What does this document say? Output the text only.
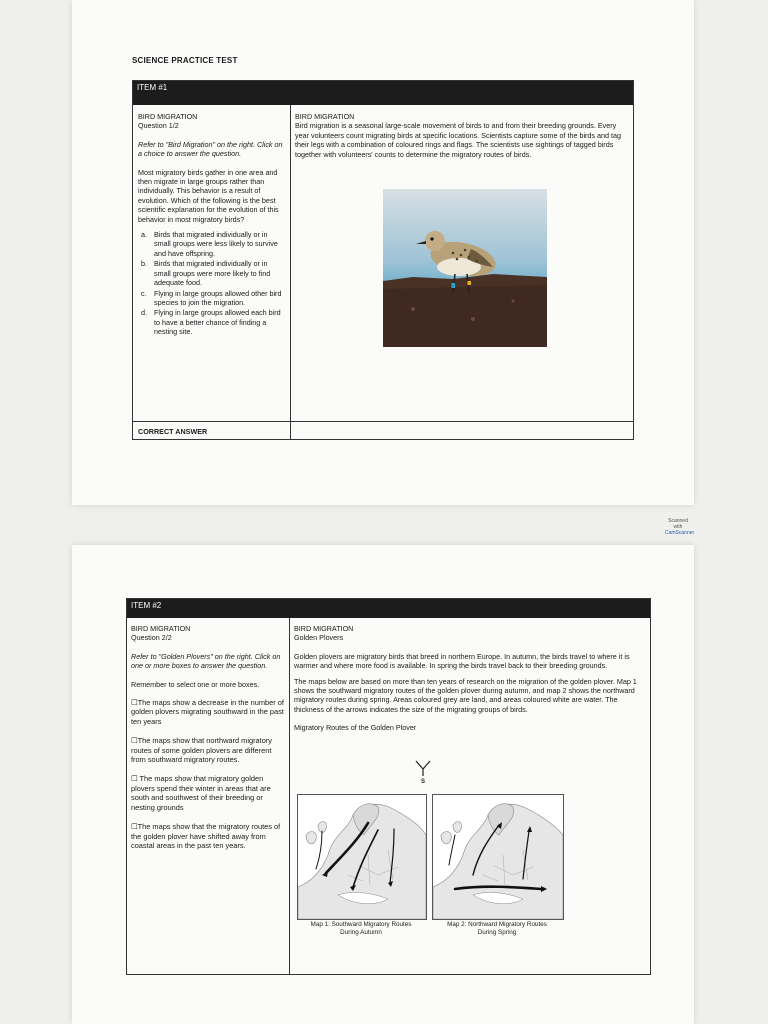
SCIENCE PRACTICE TEST
ITEM #1

BIRD MIGRATION

Question 1/2

Refer to "Bird Migration" on the right. Click on a choice to answer the question.

Most migratory birds gather in one area and then migrate in large groups rather than individually. This behavior is a result of evolution. Which of the following is the best scientific explanation for the evolution of this behavior in most migratory birds?

a. Birds that migrated individually or in small groups were less likely to survive and have offspring.
b. Birds that migrated individually or in small groups were more likely to find adequate food.
c. Flying in large groups allowed other bird species to join the migration.
d. Flying in large groups allowed each bird to have a better chance of finding a nesting site.
CORRECT ANSWER

BIRD MIGRATION

Bird migration is a seasonal large-scale movement of birds to and from their breeding grounds. Every year volunteers count migrating birds at specific locations. Scientists capture some of the birds and tag their legs with a combination of coloured rings and flags. The scientists use sightings of tagged birds together with volunteers' counts to determine the migratory routes of birds.

Scanned with
CamScanner
ITEM #2

BIRD MIGRATION

Question 2/2

Refer to "Golden Plovers" on the right. Click on one or more boxes to answer the question.

Remember to select one or more boxes.

☐The maps show a decrease in the number of golden plovers migrating southward in the past ten years
☐The maps show that northward migratory routes of some golden plovers are different from southward migratory routes.
☐ The maps show that migratory golden plovers spend their winter in areas that are south and southwest of their breeding or nesting grounds
☐The maps show that the migratory routes of the golden plover have shifted away from coastal areas in the past ten years.

BIRD MIGRATION

Golden Plovers

Golden plovers are migratory birds that breed in northern Europe. In autumn, the birds travel to where it is warmer and where more food is available. In spring the birds travel back to their breeding grounds.

The maps below are based on more than ten years of research on the migration of the golden plover. Map 1 shows the southward migratory routes of the golden plover during autumn, and map 2 shows the northward migratory routes during spring. Areas coloured grey are land, and areas coloured white are water. The thickness of the arrows indicates the size of the migrating groups of birds.

Migratory Routes of the Golden Plover

S
Map 1: Southward Migratory Routes
During Autumn
Map 2: Northward Migratory Routes
During Spring
